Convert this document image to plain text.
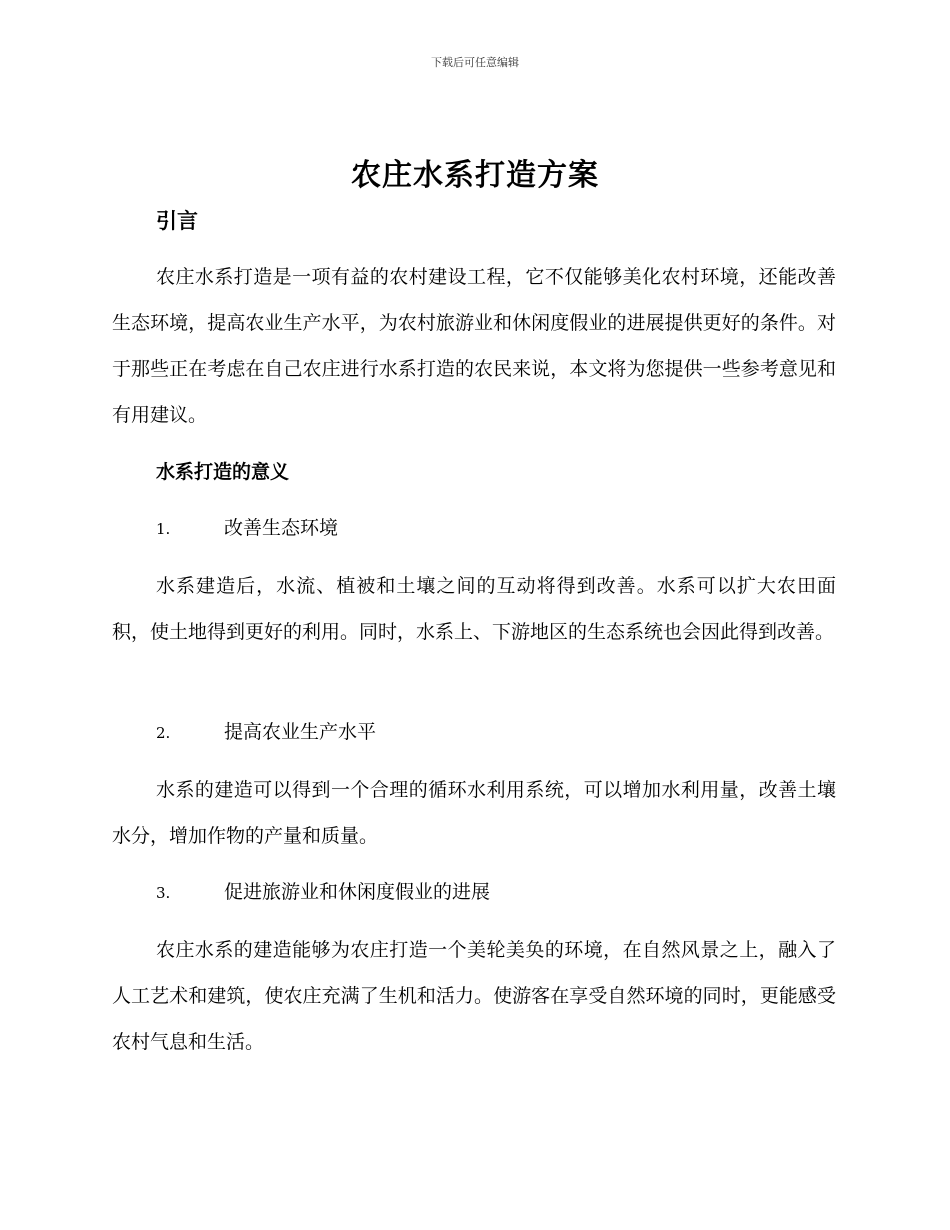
下载后可任意编辑
农庄水系打造方案
引言

农庄水系打造是一项有益的农村建设工程，它不仅能够美化农村环境，还能改善生态环境，提高农业生产水平，为农村旅游业和休闲度假业的进展提供更好的条件。对于那些正在考虑在自己农庄进行水系打造的农民来说，本文将为您提供一些参考意见和有用建议。

水系打造的意义
1.	改善生态环境

水系建造后，水流、植被和土壤之间的互动将得到改善。水系可以扩大农田面积，使土地得到更好的利用。同时，水系上、下游地区的生态系统也会因此得到改善。

2.	提高农业生产水平

水系的建造可以得到一个合理的循环水利用系统，可以增加水利用量，改善土壤水分，增加作物的产量和质量。

3.	促进旅游业和休闲度假业的进展

农庄水系的建造能够为农庄打造一个美轮美奂的环境，在自然风景之上，融入了人工艺术和建筑，使农庄充满了生机和活力。使游客在享受自然环境的同时，更能感受农村气息和生活。
